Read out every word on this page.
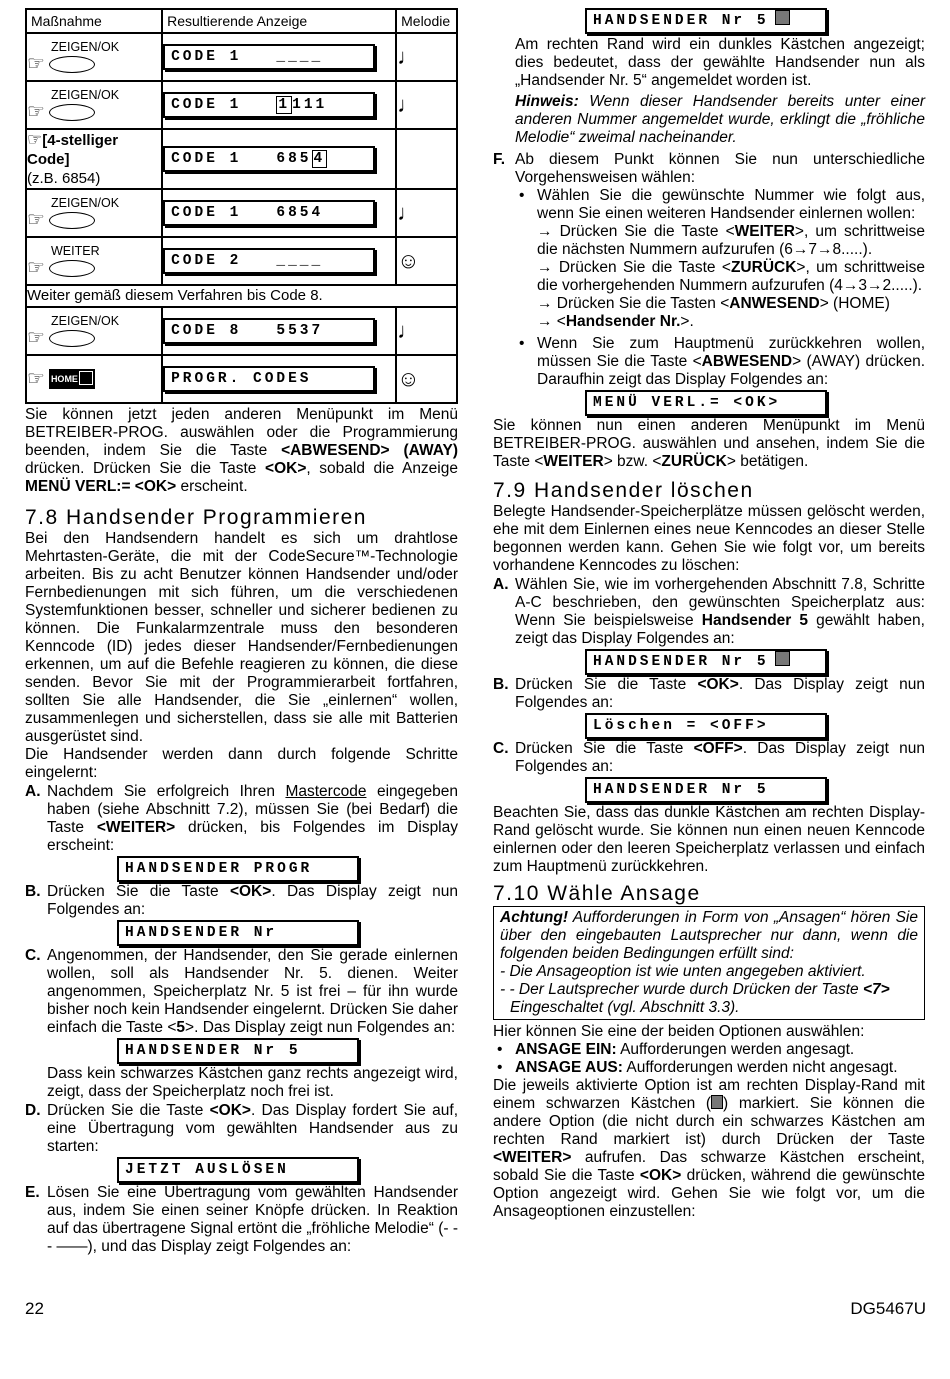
Maßnahme	Resultierende Anzeige	Melodie

ZEIGEN/OK
☞	CODE 1   ____	♩

ZEIGEN/OK
☞	CODE 1   1 111	♩
☞[4-stelliger Code]
(z.B. 6854)	CODE 1   685 4	

ZEIGEN/OK
☞	CODE 1   6854	♩

WEITER
☞	CODE 2   ____	☺
Weiter gemäß diesem Verfahren bis Code 8.		

ZEIGEN/OK
☞	CODE 8   5537	♩

☞ HOME	PROGR. CODES	☺

Sie können jetzt jeden anderen Menüpunkt im Menü BETREIBER-PROG. auswählen oder die Programmierung beenden, indem Sie die Taste <ABWESEND> (AWAY) drücken. Drücken Sie die Taste <OK>, sobald die Anzeige MENÜ VERL:= <OK> erscheint.

7.8 Handsender Programmieren

Bei den Handsendern handelt es sich um drahtlose Mehrtasten-Geräte, die mit der CodeSecure™-Technologie arbeiten. Bis zu acht Benutzer können Handsender und/oder Fernbedienungen mit sich führen, um die verschiedenen Systemfunktionen besser, schneller und sicherer bedienen zu können. Die Funkalarmzentrale muss den besonderen Kenncode (ID) jedes dieser Handsender/Fernbedienungen erkennen, um auf die Befehle reagieren zu können, die diese senden. Bevor Sie mit der Programmierarbeit fortfahren, sollten Sie alle Handsender, die Sie „einlernen“ wollen, zusammenlegen und sicherstellen, dass sie alle mit Batterien ausgerüstet sind.

Die Handsender werden dann durch folgende Schritte eingelernt:

A. Nachdem Sie erfolgreich Ihren Mastercode eingegeben haben (siehe Abschnitt 7.2), müssen Sie (bei Bedarf) die Taste <WEITER> drücken, bis Folgendes im Display erscheint:
HANDSENDER PROGR
B. Drücken Sie die Taste <OK>. Das Display zeigt nun Folgendes an:
HANDSENDER Nr
C. Angenommen, der Handsender, den Sie gerade einlernen wollen, soll als Handsender Nr. 5. dienen. Weiter angenommen, Speicherplatz Nr. 5 ist frei – für ihn wurde bisher noch kein Handsender eingelernt. Drücken Sie daher einfach die Taste <5>. Das Display zeigt nun Folgendes an:
HANDSENDER Nr 5

Dass kein schwarzes Kästchen ganz rechts angezeigt wird, zeigt, dass der Speicherplatz noch frei ist.

D. Drücken Sie die Taste <OK>. Das Display fordert Sie auf, eine Übertragung vom gewählten Handsender aus zu starten:
JETZT AUSLÖSEN
E. Lösen Sie eine Übertragung vom gewählten Handsender aus, indem Sie einen seiner Knöpfe drücken. In Reaktion auf das übertragene Signal ertönt die „fröhliche Melodie“ (- - - ——), und das Display zeigt Folgendes an:
HANDSENDER Nr 5

Am rechten Rand wird ein dunkles Kästchen angezeigt; dies bedeutet, dass der gewählte Handsender nun als „Handsender Nr. 5“ angemeldet worden ist.

Hinweis: Wenn dieser Handsender bereits unter einer anderen Nummer angemeldet wurde, erklingt die „fröhliche Melodie“ zweimal nacheinander.

F. Ab diesem Punkt können Sie nun unterschiedliche Vorgehensweisen wählen:
• Wählen Sie die gewünschte Nummer wie folgt aus, wenn Sie einen weiteren Handsender einlernen wollen:
→ Drücken Sie die Taste <WEITER>, um schrittweise die nächsten Nummern aufzurufen (6→7→8.....).
→ Drücken Sie die Taste <ZURÜCK>, um schrittweise die vorhergehenden Nummern aufzurufen (4→3→2.....).
→ Drücken Sie die Tasten <ANWESEND> (HOME)
→ <Handsender Nr.>.
• Wenn Sie zum Hauptmenü zurückkehren wollen, müssen Sie die Taste <ABWESEND> (AWAY) drücken. Daraufhin zeigt das Display Folgendes an:
MENÜ VERL.= <OK>

Sie können nun einen anderen Menüpunkt im Menü BETREIBER-PROG. auswählen und ansehen, indem Sie die Taste <WEITER> bzw. <ZURÜCK> betätigen.

7.9 Handsender löschen

Belegte Handsender-Speicherplätze müssen gelöscht werden, ehe mit dem Einlernen eines neue Kenncodes an dieser Stelle begonnen werden kann. Gehen Sie wie folgt vor, um bereits vorhandene Kenncodes zu löschen:

A. Wählen Sie, wie im vorhergehenden Abschnitt 7.8, Schritte A-C beschrieben, den gewünschten Speicherplatz aus: Wenn Sie beispielsweise Handsender 5 gewählt haben, zeigt das Display Folgendes an:
HANDSENDER Nr 5
B. Drücken Sie die Taste <OK>. Das Display zeigt nun Folgendes an:
Löschen = <OFF>
C. Drücken Sie die Taste <OFF>. Das Display zeigt nun Folgendes an:
HANDSENDER Nr 5

Beachten Sie, dass das dunkle Kästchen am rechten Display-Rand gelöscht wurde. Sie können nun einen neuen Kenncode einlernen oder den leeren Speicherplatz verlassen und einfach zum Hauptmenü zurückkehren.

7.10 Wähle Ansage
Achtung! Aufforderungen in Form von „Ansagen“ hören Sie über den eingebauten Lautsprecher nur dann, wenn die folgenden beiden Bedingungen erfüllt sind:
- Die Ansageoption ist wie unten angegeben aktiviert.
- - Der Lautsprecher wurde durch Drücken der Taste <7>
Eingeschaltet (vgl. Abschnitt 3.3).

Hier können Sie eine der beiden Optionen auswählen:

• ANSAGE EIN: Aufforderungen werden angesagt.
• ANSAGE AUS: Aufforderungen werden nicht angesagt.

Die jeweils aktivierte Option ist am rechten Display-Rand mit einem schwarzen Kästchen ( ) markiert. Sie können die andere Option (die nicht durch ein schwarzes Kästchen am rechten Rand markiert ist) durch Drücken der Taste <WEITER> aufrufen. Das schwarze Kästchen erscheint, sobald Sie die Taste <OK> drücken, während die gewünschte Option angezeigt wird. Gehen Sie wie folgt vor, um die Ansageoptionen einzustellen:

22	DG5467U
